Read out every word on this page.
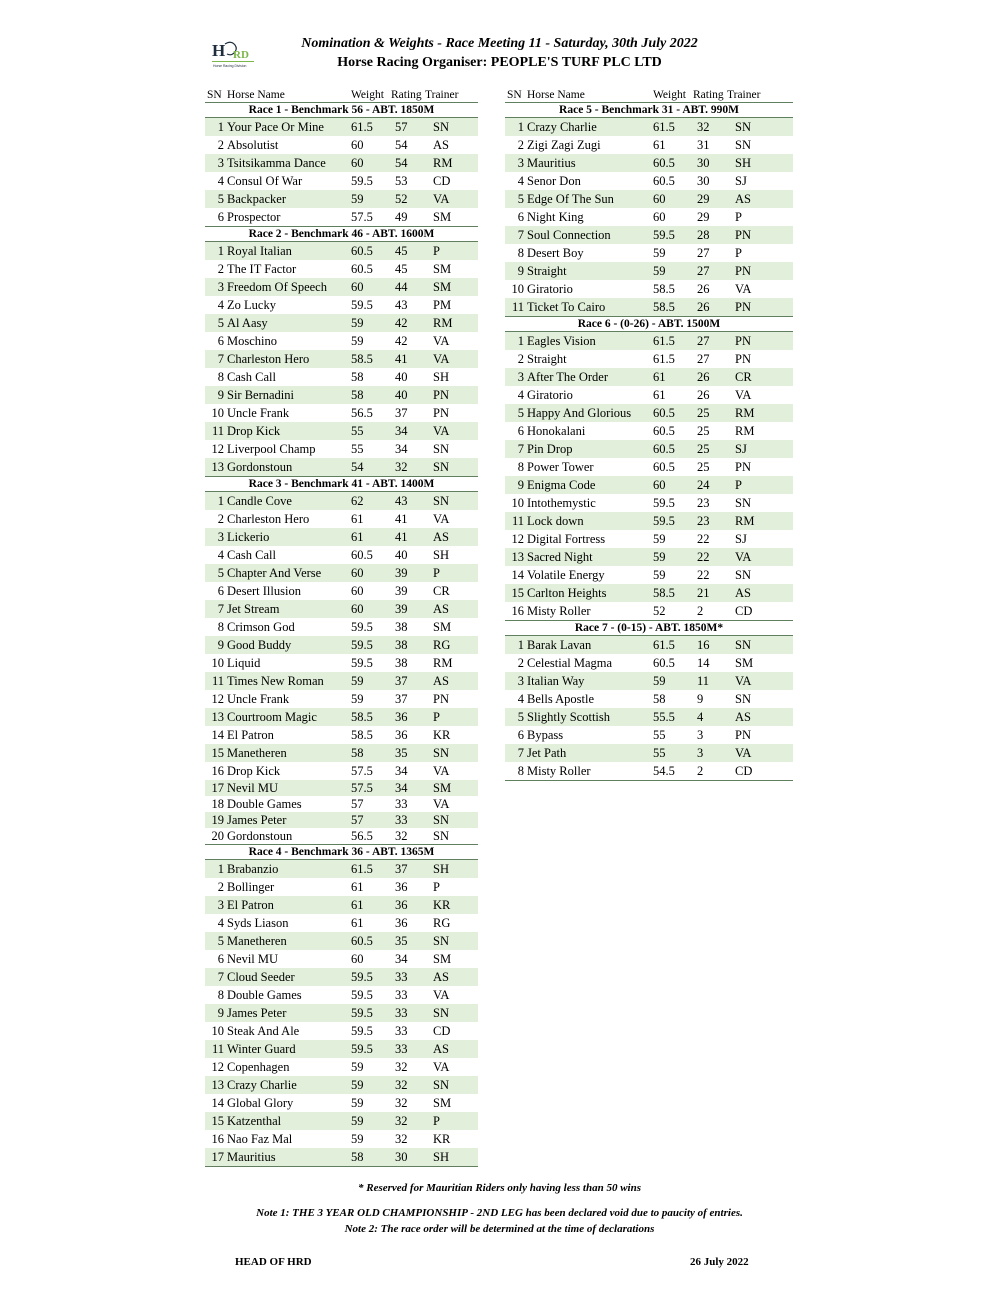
H RD
Horse Racing Division
Nomination & Weights - Race Meeting 11 - Saturday, 30th July 2022
Horse Racing Organiser: PEOPLE'S TURF PLC LTD
SN Horse Name	Weight Rating Trainer
Race 1 - Benchmark 56 - ABT. 1850M
1 Your Pace Or Mine	61.5	57	SN
2 Absolutist	60	54	AS
3 Tsitsikamma Dance	60	54	RM
4 Consul Of War	59.5	53	CD
5 Backpacker	59	52	VA
6 Prospector	57.5	49	SM
Race 2 - Benchmark 46 - ABT. 1600M
1 Royal Italian	60.5	45	P
2 The IT Factor	60.5	45	SM
3 Freedom Of Speech	60	44	SM
4 Zo Lucky	59.5	43	PM
5 Al Aasy	59	42	RM
6 Moschino	59	42	VA
7 Charleston Hero	58.5	41	VA
8 Cash Call	58	40	SH
9 Sir Bernadini	58	40	PN
10 Uncle Frank	56.5	37	PN
11 Drop Kick	55	34	VA
12 Liverpool Champ	55	34	SN
13 Gordonstoun	54	32	SN
Race 3 - Benchmark 41 - ABT. 1400M
1 Candle Cove	62	43	SN
2 Charleston Hero	61	41	VA
3 Lickerio	61	41	AS
4 Cash Call	60.5	40	SH
5 Chapter And Verse	60	39	P
6 Desert Illusion	60	39	CR
7 Jet Stream	60	39	AS
8 Crimson God	59.5	38	SM
9 Good Buddy	59.5	38	RG
10 Liquid	59.5	38	RM
11 Times New Roman	59	37	AS
12 Uncle Frank	59	37	PN
13 Courtroom Magic	58.5	36	P
14 El Patron	58.5	36	KR
15 Manetheren	58	35	SN
16 Drop Kick	57.5	34	VA
17 Nevil MU	57.5	34	SM
18 Double Games	57	33	VA
19 James Peter	57	33	SN
20 Gordonstoun	56.5	32	SN
Race 4 - Benchmark 36 - ABT. 1365M
1 Brabanzio	61.5	37	SH
2 Bollinger	61	36	P
3 El Patron	61	36	KR
4 Syds Liason	61	36	RG
5 Manetheren	60.5	35	SN
6 Nevil MU	60	34	SM
7 Cloud Seeder	59.5	33	AS
8 Double Games	59.5	33	VA
9 James Peter	59.5	33	SN
10 Steak And Ale	59.5	33	CD
11 Winter Guard	59.5	33	AS
12 Copenhagen	59	32	VA
13 Crazy Charlie	59	32	SN
14 Global Glory	59	32	SM
15 Katzenthal	59	32	P
16 Nao Faz Mal	59	32	KR
17 Mauritius	58	30	SH
SN Horse Name	Weight Rating Trainer
Race 5 - Benchmark 31 - ABT. 990M
1 Crazy Charlie	61.5	32	SN
2 Zigi Zagi Zugi	61	31	SN
3 Mauritius	60.5	30	SH
4 Senor Don	60.5	30	SJ
5 Edge Of The Sun	60	29	AS
6 Night King	60	29	P
7 Soul Connection	59.5	28	PN
8 Desert Boy	59	27	P
9 Straight	59	27	PN
10 Giratorio	58.5	26	VA
11 Ticket To Cairo	58.5	26	PN
Race 6 - (0-26) - ABT. 1500M
1 Eagles Vision	61.5	27	PN
2 Straight	61.5	27	PN
3 After The Order	61	26	CR
4 Giratorio	61	26	VA
5 Happy And Glorious	60.5	25	RM
6 Honokalani	60.5	25	RM
7 Pin Drop	60.5	25	SJ
8 Power Tower	60.5	25	PN
9 Enigma Code	60	24	P
10 Intothemystic	59.5	23	SN
11 Lock down	59.5	23	RM
12 Digital Fortress	59	22	SJ
13 Sacred Night	59	22	VA
14 Volatile Energy	59	22	SN
15 Carlton Heights	58.5	21	AS
16 Misty Roller	52	2	CD
Race 7 - (0-15) - ABT. 1850M*
1 Barak Lavan	61.5	16	SN
2 Celestial Magma	60.5	14	SM
3 Italian Way	59	11	VA
4 Bells Apostle	58	9	SN
5 Slightly Scottish	55.5	4	AS
6 Bypass	55	3	PN
7 Jet Path	55	3	VA
8 Misty Roller	54.5	2	CD
* Reserved for Mauritian Riders only having less than 50 wins
Note 1: THE 3 YEAR OLD CHAMPIONSHIP - 2ND LEG has been declared void due to paucity of entries.
Note 2: The race order will be determined at the time of declarations
HEAD OF HRD	26 July 2022
